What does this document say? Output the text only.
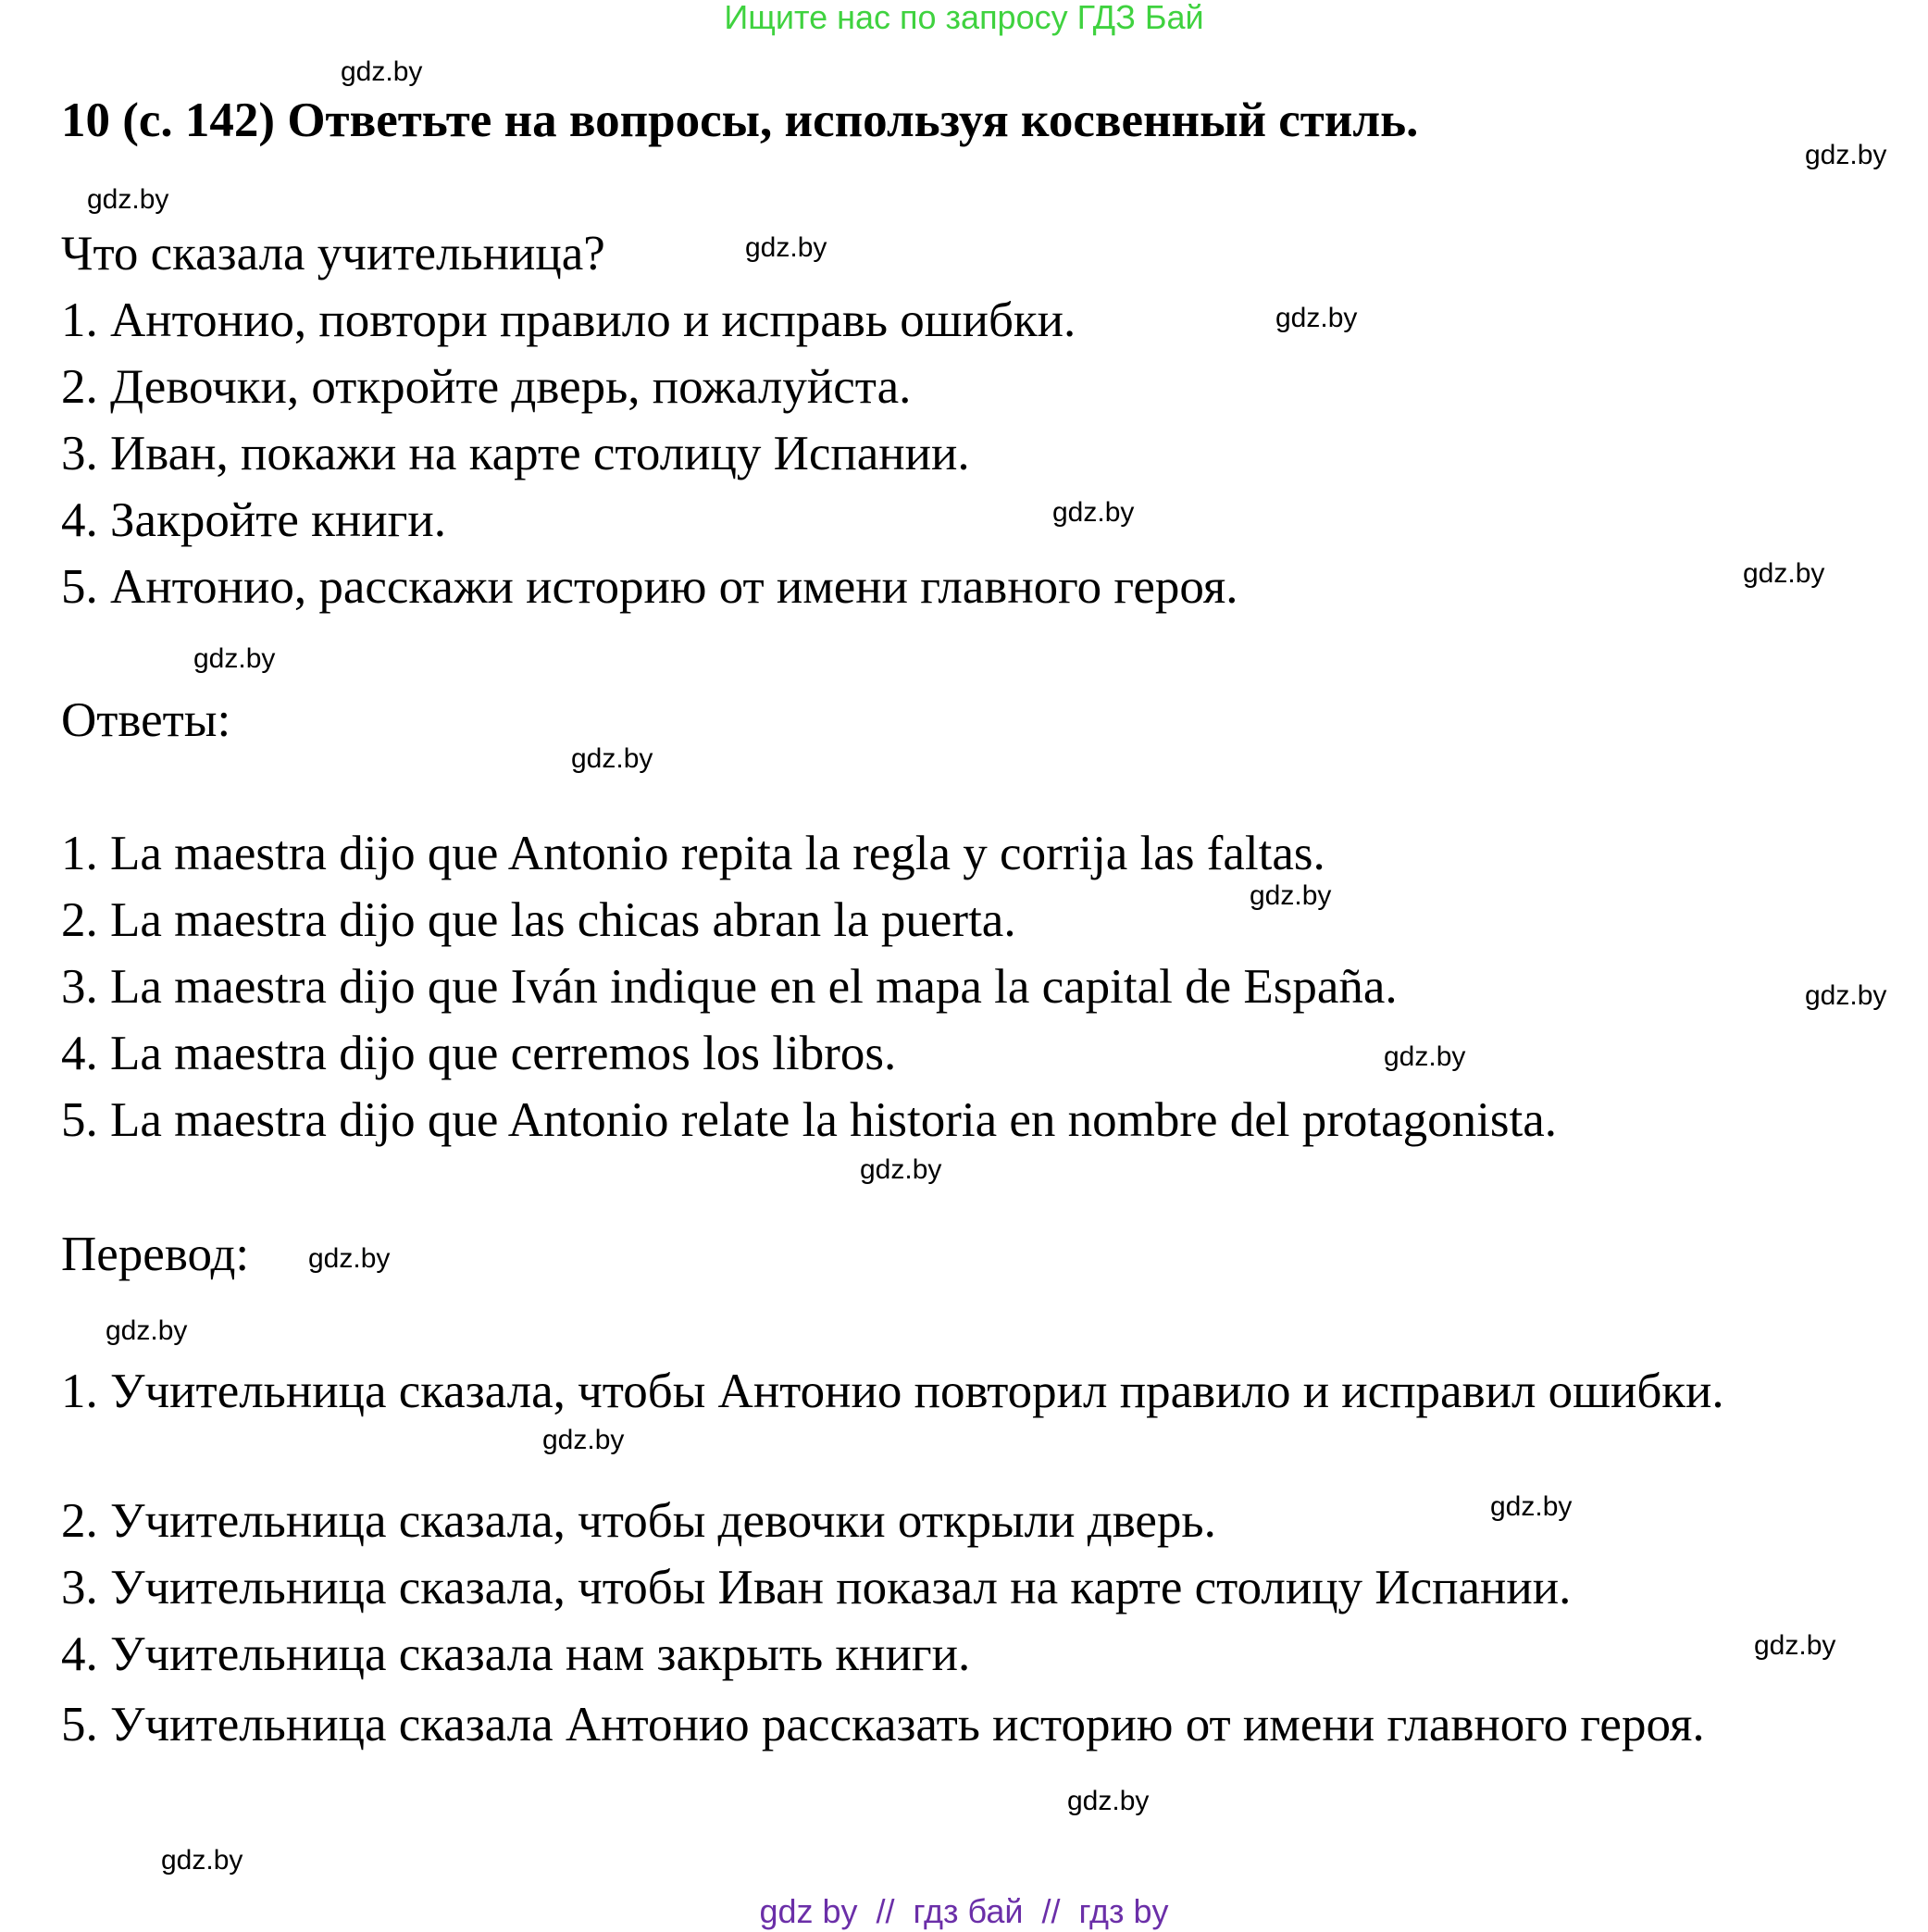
Ищите нас по запросу ГДЗ Бай
10 (с. 142) Ответьте на вопросы, используя косвенный стиль.
Что сказала учительница?
1. Антонио, повтори правило и исправь ошибки.
2. Девочки, откройте дверь, пожалуйста.
3. Иван, покажи на карте столицу Испании.
4. Закройте книги.
5. Антонио, расскажи историю от имени главного героя.
Ответы:
1. La maestra dijo que Antonio repita la regla y corrija las faltas.
2. La maestra dijo que las chicas abran la puerta.
3. La maestra dijo que Iván indique en el mapa la capital de España.
4. La maestra dijo que cerremos los libros.
5. La maestra dijo que Antonio relate la historia en nombre del protagonista.
Перевод:
1. Учительница сказала, чтобы Антонио повторил правило и исправил ошибки.
2. Учительница сказала, чтобы девочки открыли дверь.
3. Учительница сказала, чтобы Иван показал на карте столицу Испании.
4. Учительница сказала нам закрыть книги.
5. Учительница сказала Антонио рассказать историю от имени главного героя.
gdz.by
gdz.by
gdz.by
gdz.by
gdz.by
gdz.by
gdz.by
gdz.by
gdz.by
gdz.by
gdz.by
gdz.by
gdz.by
gdz.by
gdz.by
gdz.by
gdz.by
gdz.by
gdz.by
gdz.by
gdz by  //  гдз бай  //  гдз by
